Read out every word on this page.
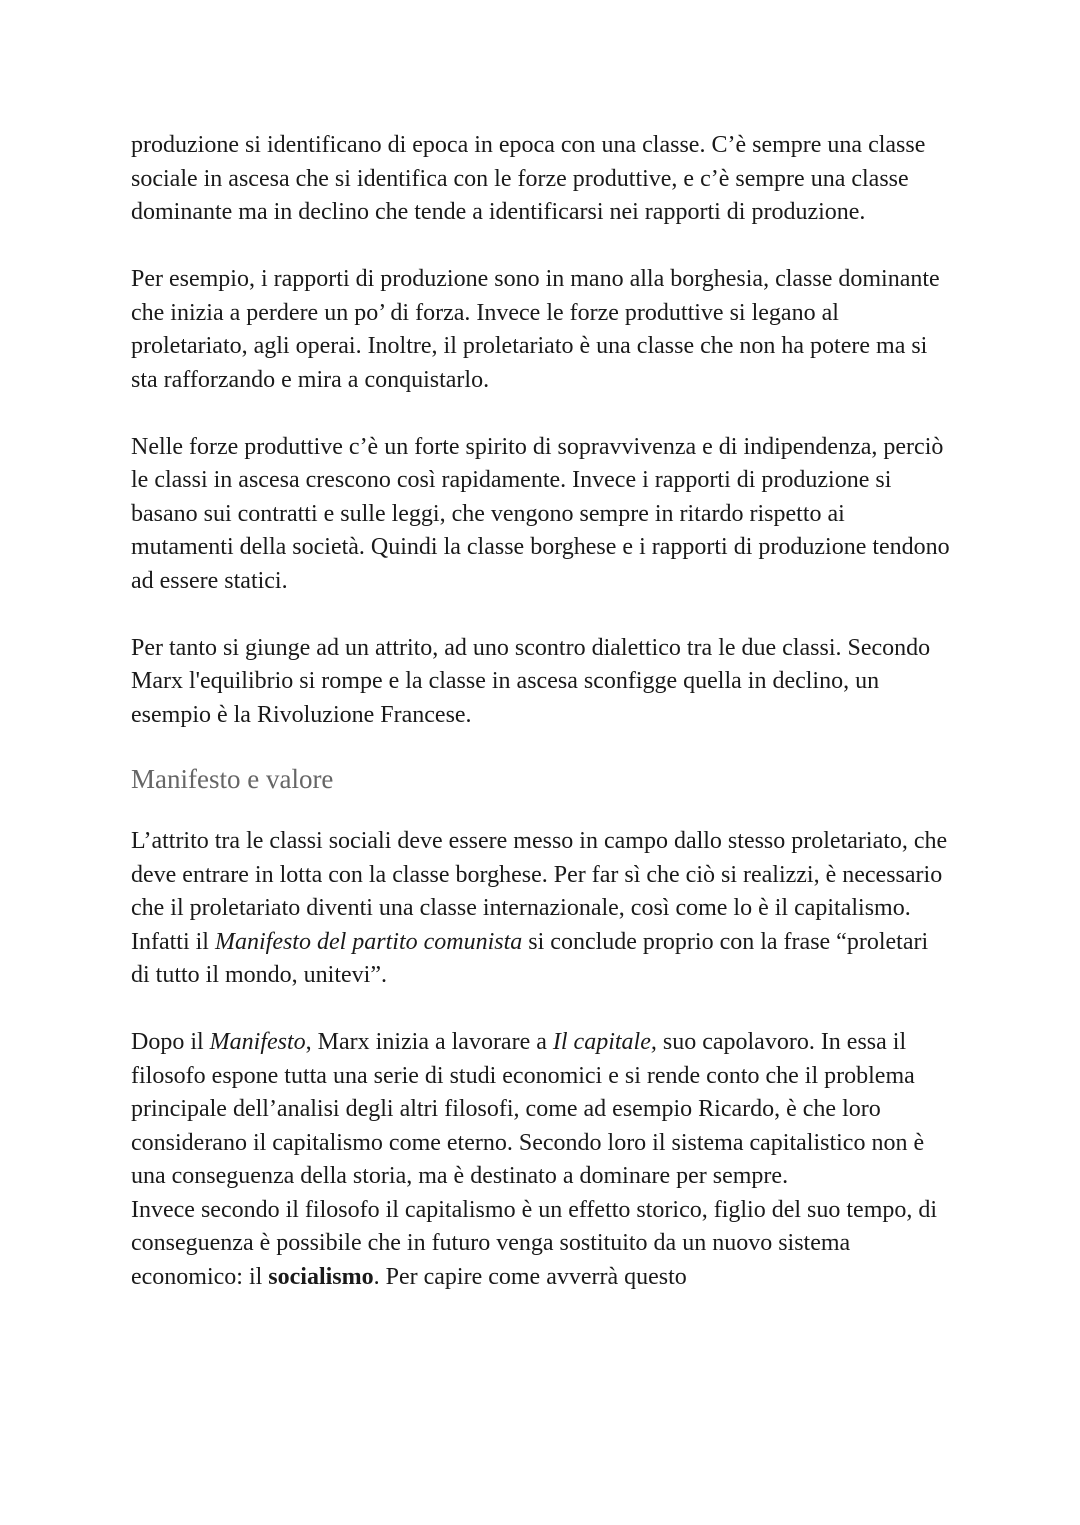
produzione si identificano di epoca in epoca con una classe. C’è sempre una classe sociale in ascesa che si identifica con le forze produttive, e c’è sempre una classe dominante ma in declino che tende a identificarsi nei rapporti di produzione.

Per esempio, i rapporti di produzione sono in mano alla borghesia, classe dominante che inizia a perdere un po’ di forza. Invece le forze produttive si legano al proletariato, agli operai. Inoltre, il proletariato è una classe che non ha potere ma si sta rafforzando e mira a conquistarlo.

Nelle forze produttive c’è un forte spirito di sopravvivenza e di indipendenza, perciò le classi in ascesa crescono così rapidamente. Invece i rapporti di produzione si basano sui contratti e sulle leggi, che vengono sempre in ritardo rispetto ai mutamenti della società. Quindi la classe borghese e i rapporti di produzione tendono ad essere statici.

Per tanto si giunge ad un attrito, ad uno scontro dialettico tra le due classi. Secondo Marx l'equilibrio si rompe e la classe in ascesa sconfigge quella in declino, un esempio è la Rivoluzione Francese.

Manifesto e valore

L’attrito tra le classi sociali deve essere messo in campo dallo stesso proletariato, che deve entrare in lotta con la classe borghese. Per far sì che ciò si realizzi, è necessario che il proletariato diventi una classe internazionale, così come lo è il capitalismo. Infatti il Manifesto del partito comunista si conclude proprio con la frase “proletari di tutto il mondo, unitevi”.

Dopo il Manifesto, Marx inizia a lavorare a Il capitale, suo capolavoro. In essa il filosofo espone tutta una serie di studi economici e si rende conto che il problema principale dell’analisi degli altri filosofi, come ad esempio Ricardo, è che loro considerano il capitalismo come eterno. Secondo loro il sistema capitalistico non è una conseguenza della storia, ma è destinato a dominare per sempre.

Invece secondo il filosofo il capitalismo è un effetto storico, figlio del suo tempo, di conseguenza è possibile che in futuro venga sostituito da un nuovo sistema economico: il socialismo. Per capire come avverrà questo
